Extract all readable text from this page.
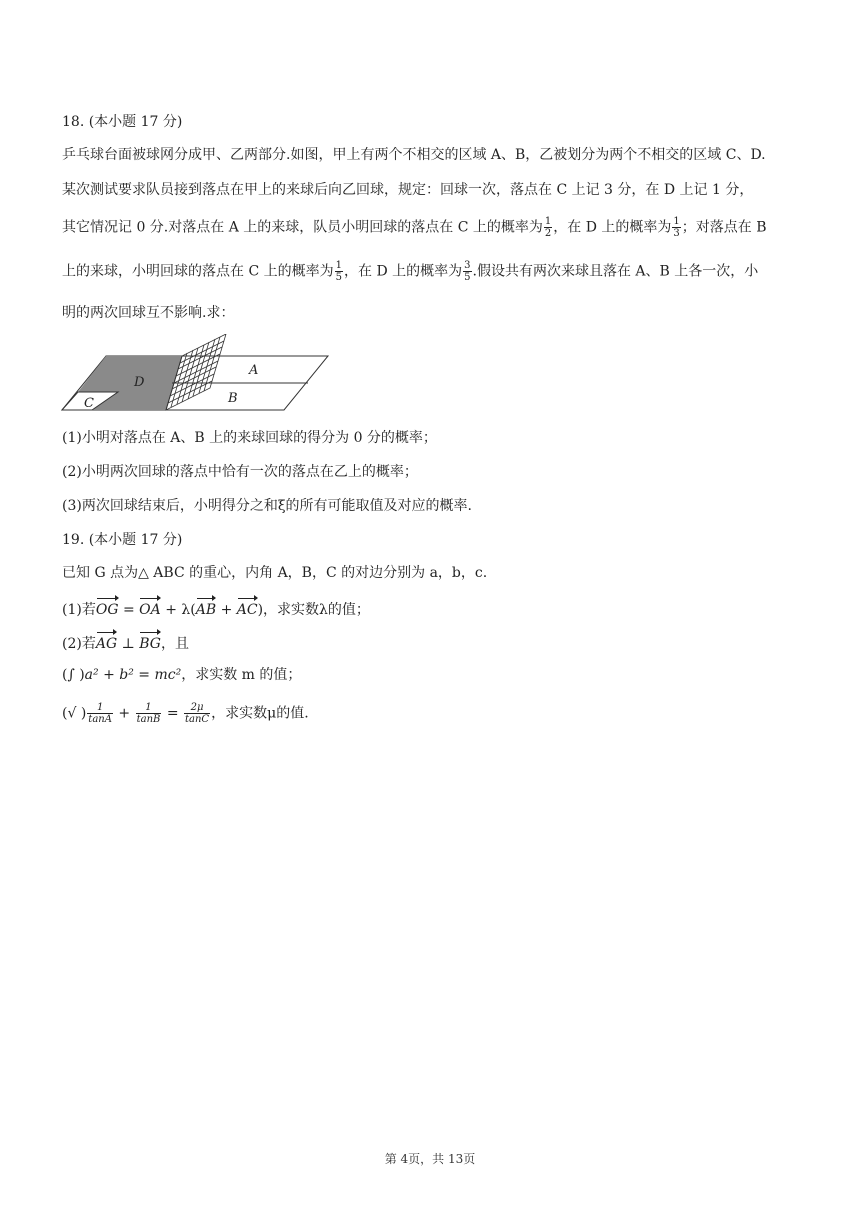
18. (本小题 17 分)
乒乓球台面被球网分成甲、乙两部分.如图，甲上有两个不相交的区域 A、B，乙被划分为两个不相交的区域 C、D.
某次测试要求队员接到落点在甲上的来球后向乙回球，规定：回球一次，落点在 C 上记 3 分，在 D 上记 1 分，
其它情况记 0 分.对落点在 A 上的来球，队员小明回球的落点在 C 上的概率为 $\frac{1}{2}$ ，在 D 上的概率为 $\frac{1}{3}$ ；对落点在 B
上的来球，小明回球的落点在 C 上的概率为 $\frac{1}{5}$ ，在 D 上的概率为 $\frac{3}{5}$ .假设共有两次来球且落在 A、B 上各一次，小
明的两次回球互不影响.求：
A
B
C
D
(1)小明对落点在 A、B 上的来球回球的得分为 0 分的概率；
(2)小明两次回球的落点中恰有一次的落点在乙上的概率；
(3)两次回球结束后，小明得分之和ξ的所有可能取值及对应的概率.
19. (本小题 17 分)
已知 G 点为△ ABC 的重心，内角 A，B，C 的对边分别为 a，b，c.
(1)若OG = OA + λ(AB + AC)，求实数λ的值；
(2)若AG ⊥ BG，且
(∫ )a² + b² = mc²，求实数 m 的值；
(√ ) $\frac{1}{\tan A} + \frac{1}{\tan B} = \frac{2\mu}{\tan C}$ ，求实数μ的值.
第 4页，共 13页
